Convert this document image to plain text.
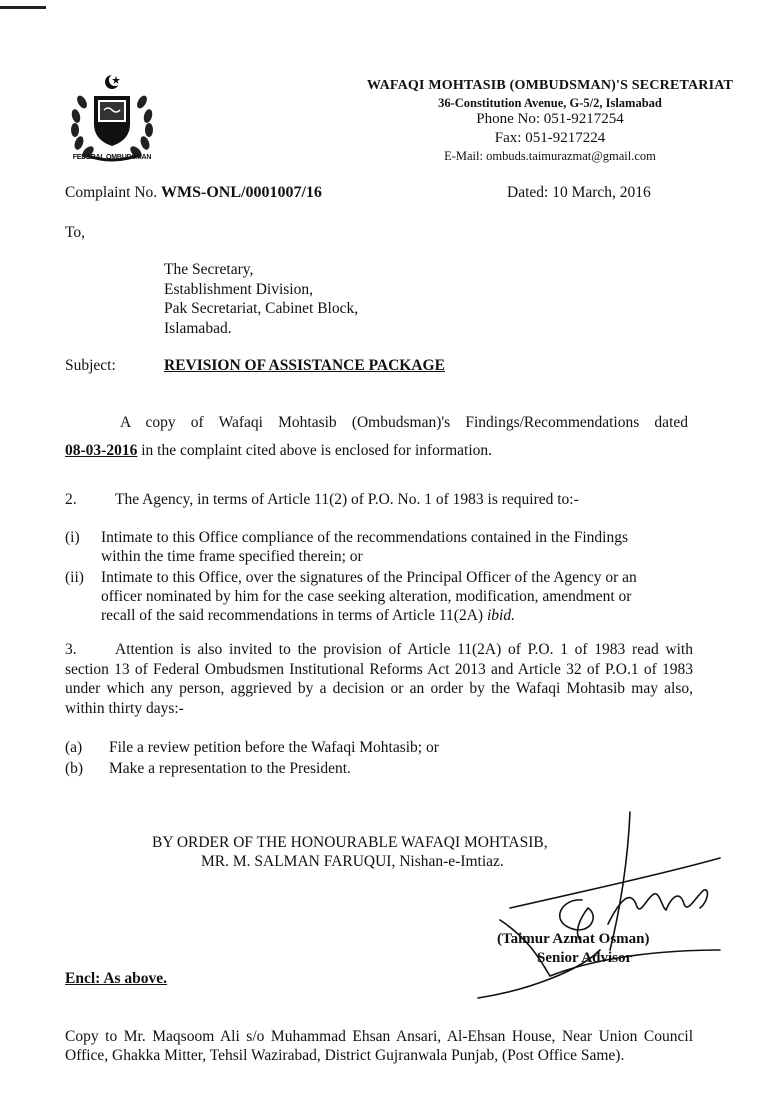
FEDERAL OMBUDSMAN
WAFAQI MOHTASIB (OMBUDSMAN)'S SECRETARIAT
36-Constitution Avenue, G-5/2, Islamabad
Phone No: 051-9217254
Fax: 051-9217224
E-Mail: ombuds.taimurazmat@gmail.com
Complaint No. WMS-ONL/0001007/16	Dated: 10 March, 2016
To,
The Secretary,
Establishment Division,
Pak Secretariat, Cabinet Block,
Islamabad.
Subject:	REVISION OF ASSISTANCE PACKAGE
A copy of Wafaqi Mohtasib (Ombudsman)'s Findings/Recommendations dated
08-03-2016 in the complaint cited above is enclosed for information.
2. The Agency, in terms of Article 11(2) of P.O. No. 1 of 1983 is required to:-
(i) Intimate to this Office compliance of the recommendations contained in the Findings within the time frame specified therein; or
(ii) Intimate to this Office, over the signatures of the Principal Officer of the Agency or an officer nominated by him for the case seeking alteration, modification, amendment or recall of the said recommendations in terms of Article 11(2A) ibid.
3. Attention is also invited to the provision of Article 11(2A) of P.O. 1 of 1983 read with section 13 of Federal Ombudsmen Institutional Reforms Act 2013 and Article 32 of P.O.1 of 1983 under which any person, aggrieved by a decision or an order by the Wafaqi Mohtasib may also, within thirty days:-
(a) File a review petition before the Wafaqi Mohtasib; or
(b) Make a representation to the President.
BY ORDER OF THE HONOURABLE WAFAQI MOHTASIB,
MR. M. SALMAN FARUQUI, Nishan-e-Imtiaz.
(Taimur Azmat Osman)
Senior Advisor
Encl: As above.
Copy to Mr. Maqsoom Ali s/o Muhammad Ehsan Ansari, Al-Ehsan House, Near Union Council Office, Ghakka Mitter, Tehsil Wazirabad, District Gujranwala Punjab, (Post Office Same).
